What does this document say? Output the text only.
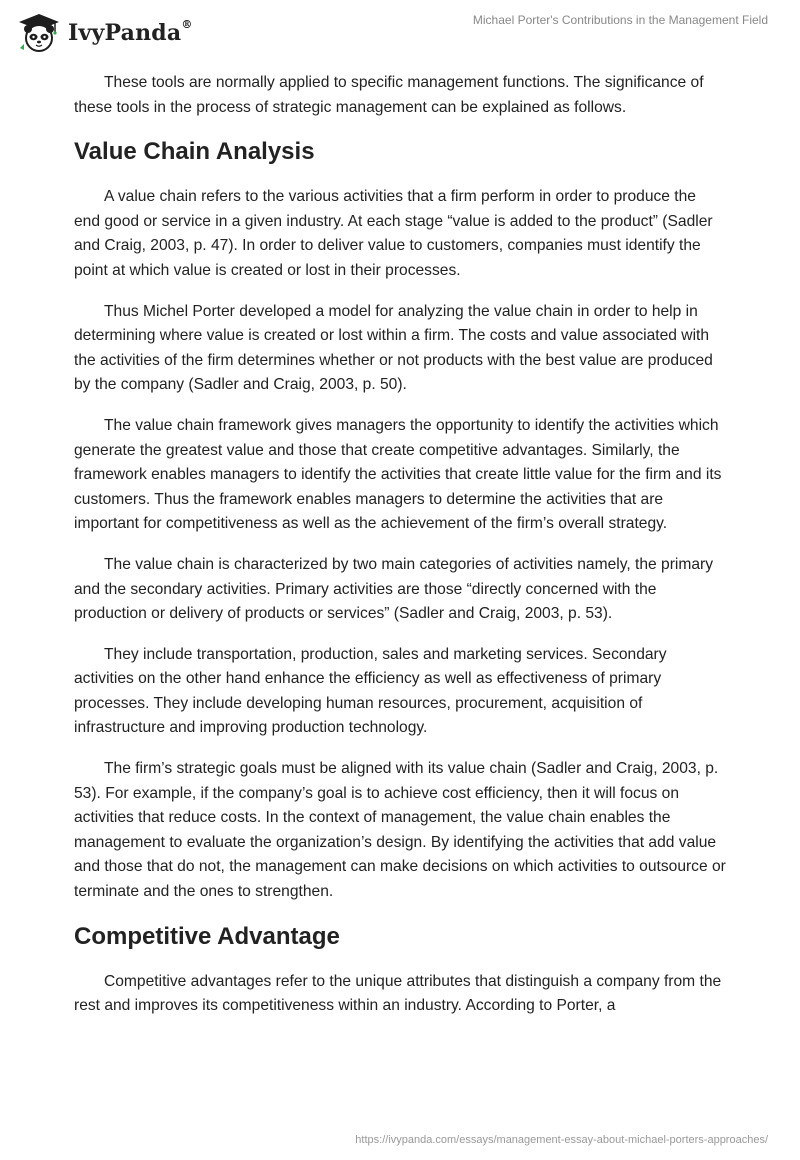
IvyPanda®	Michael Porter's Contributions in the Management Field

These tools are normally applied to specific management functions. The significance of these tools in the process of strategic management can be explained as follows.

Value Chain Analysis

A value chain refers to the various activities that a firm perform in order to produce the end good or service in a given industry. At each stage “value is added to the product” (Sadler and Craig, 2003, p. 47). In order to deliver value to customers, companies must identify the point at which value is created or lost in their processes.

Thus Michel Porter developed a model for analyzing the value chain in order to help in determining where value is created or lost within a firm. The costs and value associated with the activities of the firm determines whether or not products with the best value are produced by the company (Sadler and Craig, 2003, p. 50).

The value chain framework gives managers the opportunity to identify the activities which generate the greatest value and those that create competitive advantages. Similarly, the framework enables managers to identify the activities that create little value for the firm and its customers. Thus the framework enables managers to determine the activities that are important for competitiveness as well as the achievement of the firm’s overall strategy.

The value chain is characterized by two main categories of activities namely, the primary and the secondary activities. Primary activities are those “directly concerned with the production or delivery of products or services” (Sadler and Craig, 2003, p. 53).

They include transportation, production, sales and marketing services. Secondary activities on the other hand enhance the efficiency as well as effectiveness of primary processes. They include developing human resources, procurement, acquisition of infrastructure and improving production technology.

The firm’s strategic goals must be aligned with its value chain (Sadler and Craig, 2003, p. 53). For example, if the company’s goal is to achieve cost efficiency, then it will focus on activities that reduce costs. In the context of management, the value chain enables the management to evaluate the organization’s design. By identifying the activities that add value and those that do not, the management can make decisions on which activities to outsource or terminate and the ones to strengthen.

Competitive Advantage

Competitive advantages refer to the unique attributes that distinguish a company from the rest and improves its competitiveness within an industry. According to Porter, a

https://ivypanda.com/essays/management-essay-about-michael-porters-approaches/
